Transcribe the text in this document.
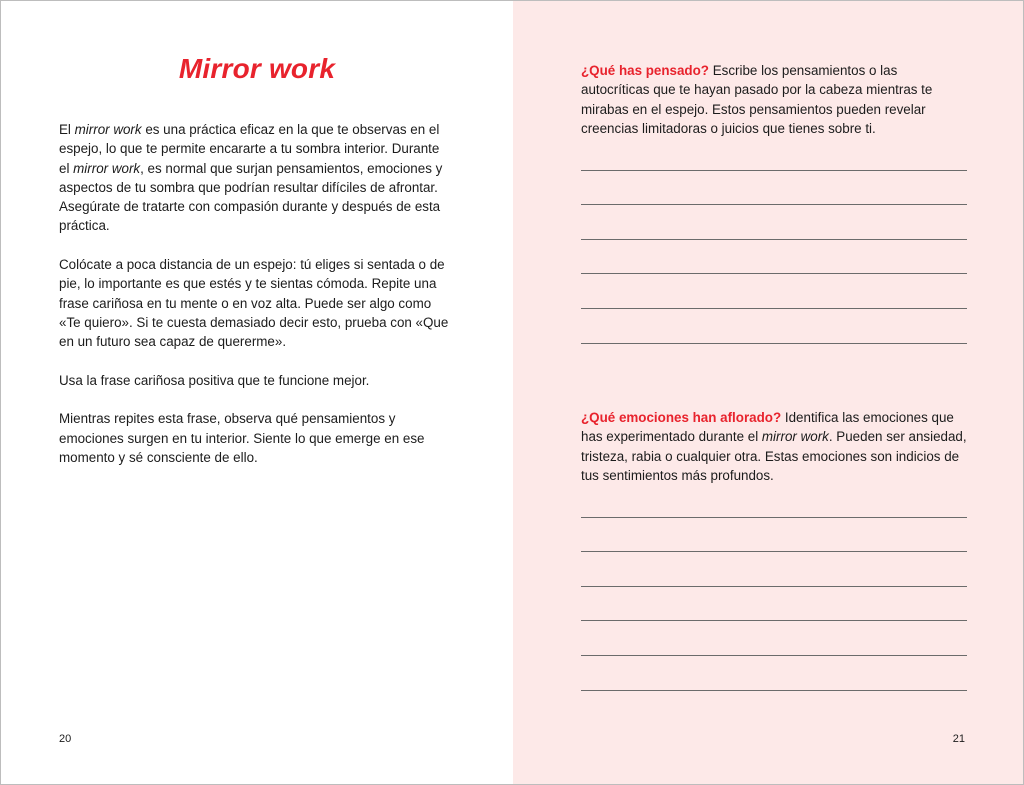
Mirror work

El mirror work es una práctica eficaz en la que te observas en el espejo, lo que te permite encararte a tu sombra interior. Durante el mirror work, es normal que surjan pensamientos, emociones y aspectos de tu sombra que podrían resultar difíciles de afrontar. Asegúrate de tratarte con compasión durante y después de esta práctica.

Colócate a poca distancia de un espejo: tú eliges si sentada o de pie, lo importante es que estés y te sientas cómoda. Repite una frase cariñosa en tu mente o en voz alta. Puede ser algo como «Te quiero». Si te cuesta demasiado decir esto, prueba con «Que en un futuro sea capaz de quererme».

Usa la frase cariñosa positiva que te funcione mejor.

Mientras repites esta frase, observa qué pensamientos y emociones surgen en tu interior. Siente lo que emerge en ese momento y sé consciente de ello.

20

¿Qué has pensado? Escribe los pensamientos o las autocríticas que te hayan pasado por la cabeza mientras te mirabas en el espejo. Estos pensamientos pueden revelar creencias limitadoras o juicios que tienes sobre ti.

¿Qué emociones han aflorado? Identifica las emociones que has experimentado durante el mirror work. Pueden ser ansiedad, tristeza, rabia o cualquier otra. Estas emociones son indicios de tus sentimientos más profundos.

21
